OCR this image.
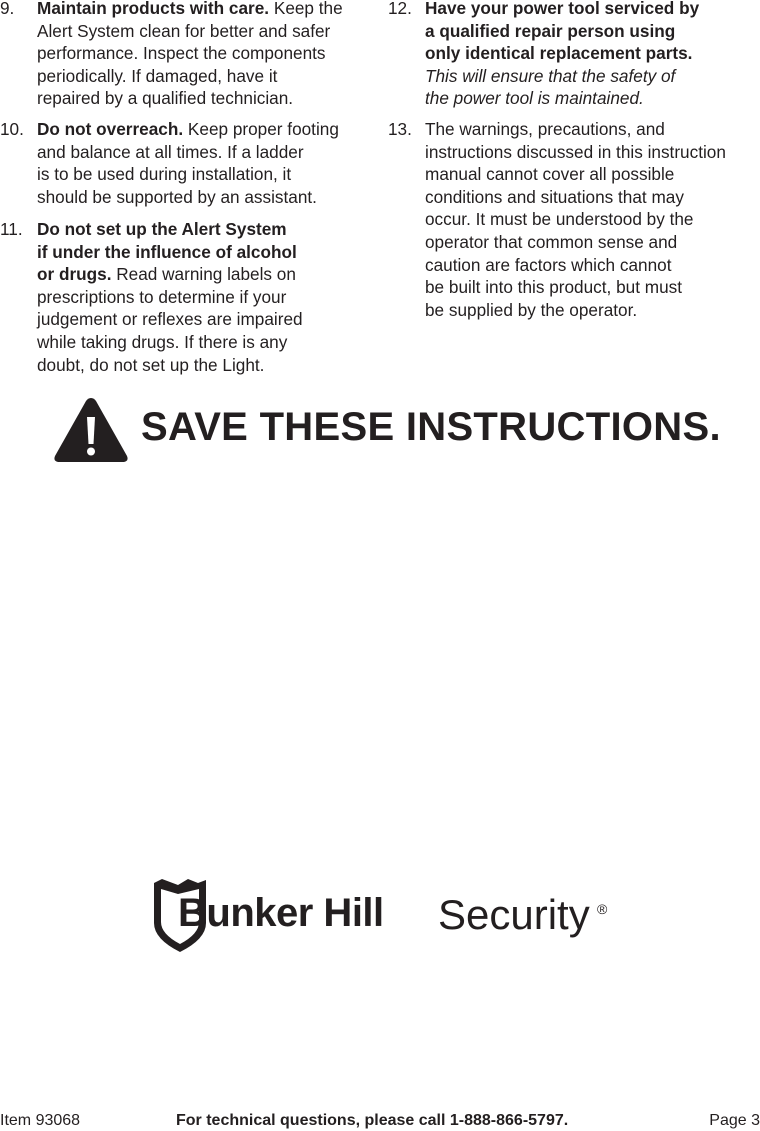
9. Maintain products with care. Keep the
Alert System clean for better and safer
performance. Inspect the components
periodically. If damaged, have it
repaired by a qualified technician.
10. Do not overreach. Keep proper footing
and balance at all times. If a ladder
is to be used during installation, it
should be supported by an assistant.
11. Do not set up the Alert System
if under the influence of alcohol
or drugs. Read warning labels on
prescriptions to determine if your
judgement or reflexes are impaired
while taking drugs. If there is any
doubt, do not set up the Light.
12. Have your power tool serviced by
a qualified repair person using
only identical replacement parts.
This will ensure that the safety of
the power tool is maintained.
13. The warnings, precautions, and
instructions discussed in this instruction
manual cannot cover all possible
conditions and situations that may
occur. It must be understood by the
operator that common sense and
caution are factors which cannot
be built into this product, but must
be supplied by the operator.
SAVE THESE INSTRUCTIONS.
Bunker Hill Security ®
Item 93068	For technical questions, please call 1-888-866-5797.	Page 3
